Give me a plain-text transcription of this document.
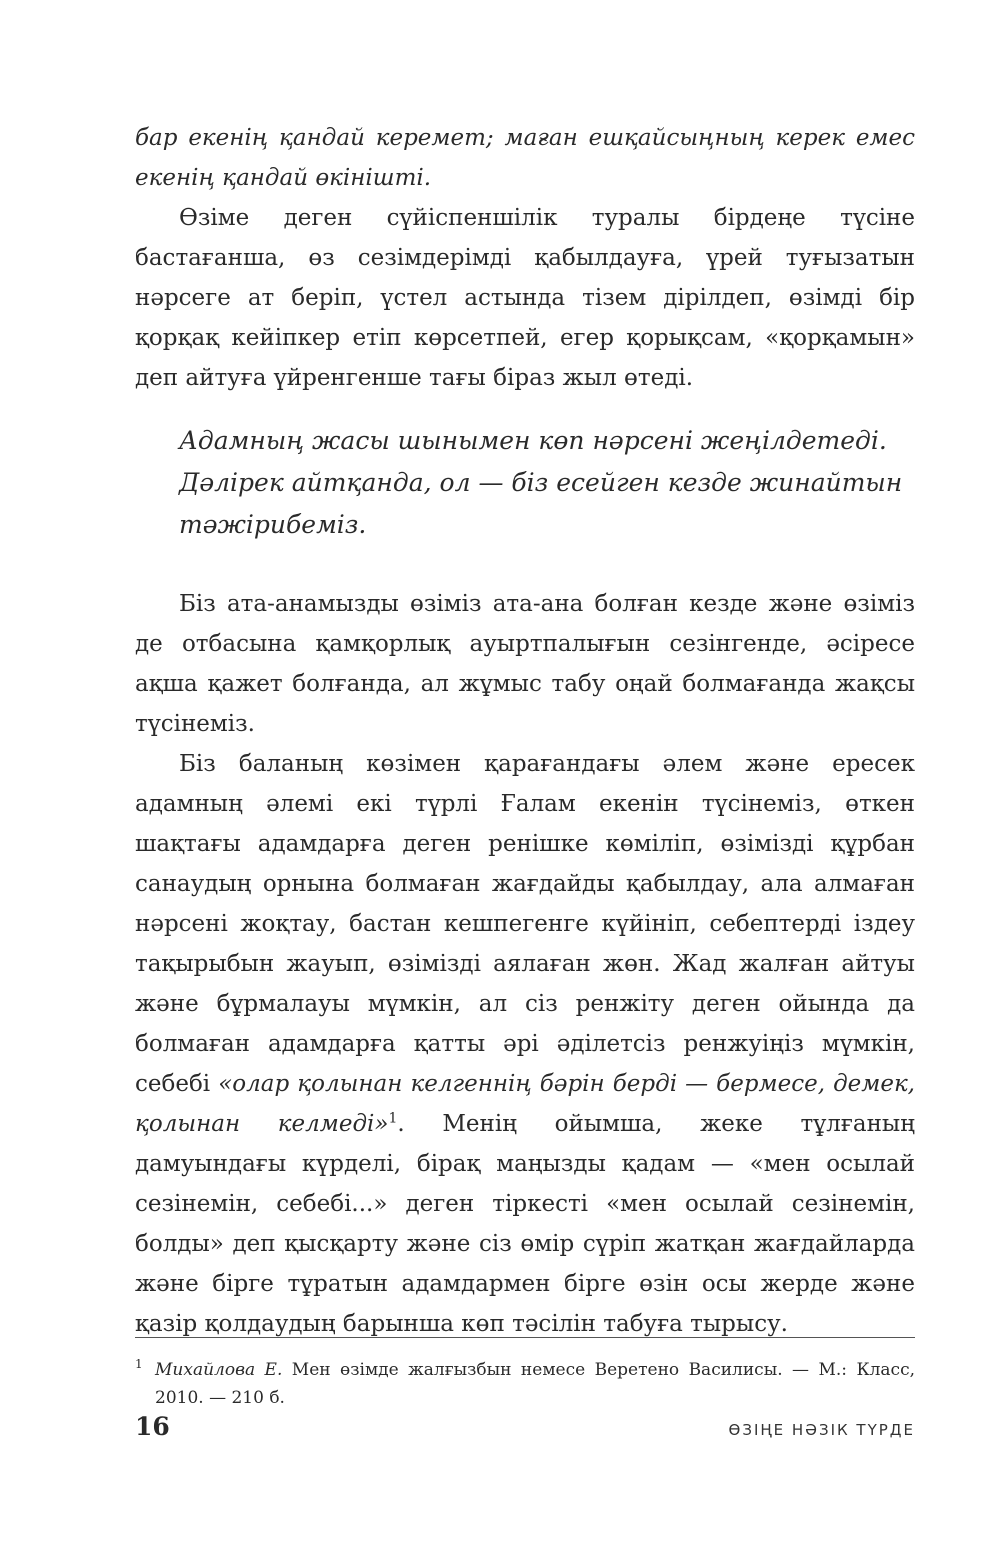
бар екенің қандай керемет; маған ешқайсыңның керек емес екенің қандай өкінішті.

Өзіме деген сүйіспеншілік туралы бірдеңе түсіне бастағанша, өз сезімдерімді қабылдауға, үрей туғызатын нәрсеге ат беріп, үстел астында тізем дірілдеп, өзімді бір қорқақ кейіпкер етіп көрсетпей, егер қорықсам, «қорқамын» деп айтуға үйренгенше тағы біраз жыл өтеді.

Адамның жасы шынымен көп нәрсені жеңілдетеді. Дәлірек айтқанда, ол — біз есейген кезде жинайтын тәжірибеміз.

Біз ата-анамызды өзіміз ата-ана болған кезде және өзіміз де отбасына қамқорлық ауыртпалығын сезінгенде, әсіресе ақша қажет болғанда, ал жұмыс табу оңай болмағанда жақсы түсінеміз.

Біз баланың көзімен қарағандағы әлем және ересек адамның әлемі екі түрлі Ғалам екенін түсінеміз, өткен шақтағы адамдарға деген ренішке көміліп, өзімізді құрбан санаудың орнына болмаған жағдайды қабылдау, ала алмаған нәрсені жоқтау, бастан кешпегенге күйініп, себептерді іздеу тақырыбын жауып, өзімізді аялаған жөн. Жад жалған айтуы және бұрмалауы мүмкін, ал сіз ренжіту деген ойында да болмаған адамдарға қатты әрі әділетсіз ренжуіңіз мүмкін, себебі «олар қолынан келгеннің бәрін берді — бермесе, демек, қолынан келмеді»$^1$. Менің ойымша, жеке тұлғаның дамуындағы күрделі, бірақ маңызды қадам — «мен осылай сезінемін, себебі...» деген тіркесті «мен осылай сезінемін, болды» деп қысқарту және сіз өмір сүріп жатқан жағдайларда және бірге тұратын адамдармен бірге өзін осы жерде және қазір қолдаудың барынша көп тәсілін табуға тырысу.

1 Михайлова Е. Мен өзімде жалғызбын немесе Веретено Василисы. — М.: Класс, 2010. — 210 б.
16	ӨЗІҢЕ НӘЗІК ТҮРДЕ
